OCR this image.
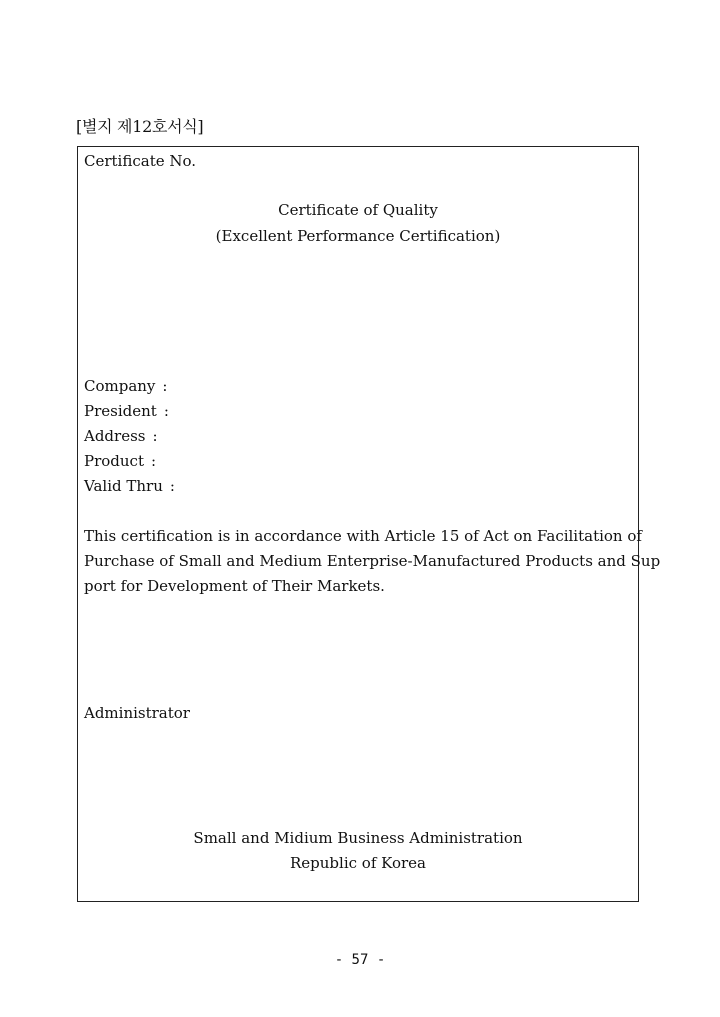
[별지 제12호서식]
Certificate No.
Certificate of Quality
(Excellent Performance Certification)
Company :
President :
Address :
Product :
Valid Thru :
This certification is in accordance with Article 15 of Act on Facilitation of
Purchase of Small and Medium Enterprise-Manufactured Products and Sup
port for Development of Their Markets.
Administrator
Small and Midium Business Administration
Republic of Korea
- 57 -
